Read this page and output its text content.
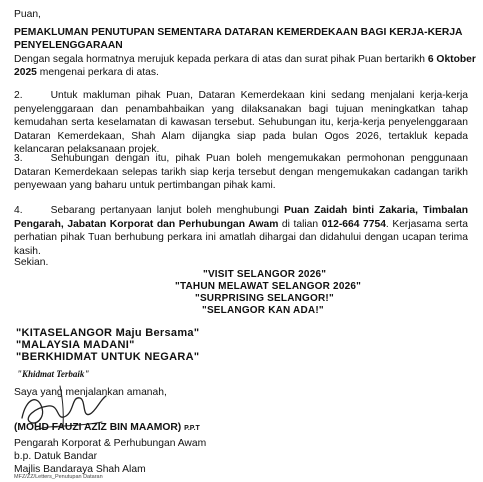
Puan,
PEMAKLUMAN PENUTUPAN SEMENTARA DATARAN KEMERDEKAAN BAGI KERJA-KERJA
PENYELENGGARAAN
Dengan segala hormatnya merujuk kepada perkara di atas dan surat pihak Puan bertarikh 6 Oktober
2025 mengenai perkara di atas.
2.	Untuk makluman pihak Puan, Dataran Kemerdekaan kini sedang menjalani kerja-kerja penyelenggaraan dan penambahbaikan yang dilaksanakan bagi tujuan meningkatkan tahap kemudahan serta keselamatan di kawasan tersebut. Sehubungan itu, kerja-kerja penyelenggaraan Dataran Kemerdekaan, Shah Alam dijangka siap pada bulan Ogos 2026, tertakluk kepada kelancaran pelaksanaan projek.
3.	Sehubungan dengan itu, pihak Puan boleh mengemukakan permohonan penggunaan Dataran Kemerdekaan selepas tarikh siap kerja tersebut dengan mengemukakan cadangan tarikh penyewaan yang baharu untuk pertimbangan pihak kami.
4.	Sebarang pertanyaan lanjut boleh menghubungi Puan Zaidah binti Zakaria, Timbalan Pengarah, Jabatan Korporat dan Perhubungan Awam di talian 012-664 7754. Kerjasama serta perhatian pihak Tuan berhubung perkara ini amatlah dihargai dan didahului dengan ucapan terima kasih.
Sekian.
"VISIT SELANGOR 2026"
"TAHUN MELAWAT SELANGOR 2026"
"SURPRISING SELANGOR!"
"SELANGOR KAN ADA!"
"KITASELANGOR Maju Bersama"
"MALAYSIA MADANI"
"BERKHIDMAT UNTUK NEGARA"
"Khidmat Terbaik"
Saya yang menjalankan amanah,
(MOHD FAUZI AZIZ BIN MAAMOR) P.P.T
Pengarah Korporat & Perhubungan Awam
b.p. Datuk Bandar
Majlis Bandaraya Shah Alam
MFZ/ZZ/Letters_Penutupan Dataran
